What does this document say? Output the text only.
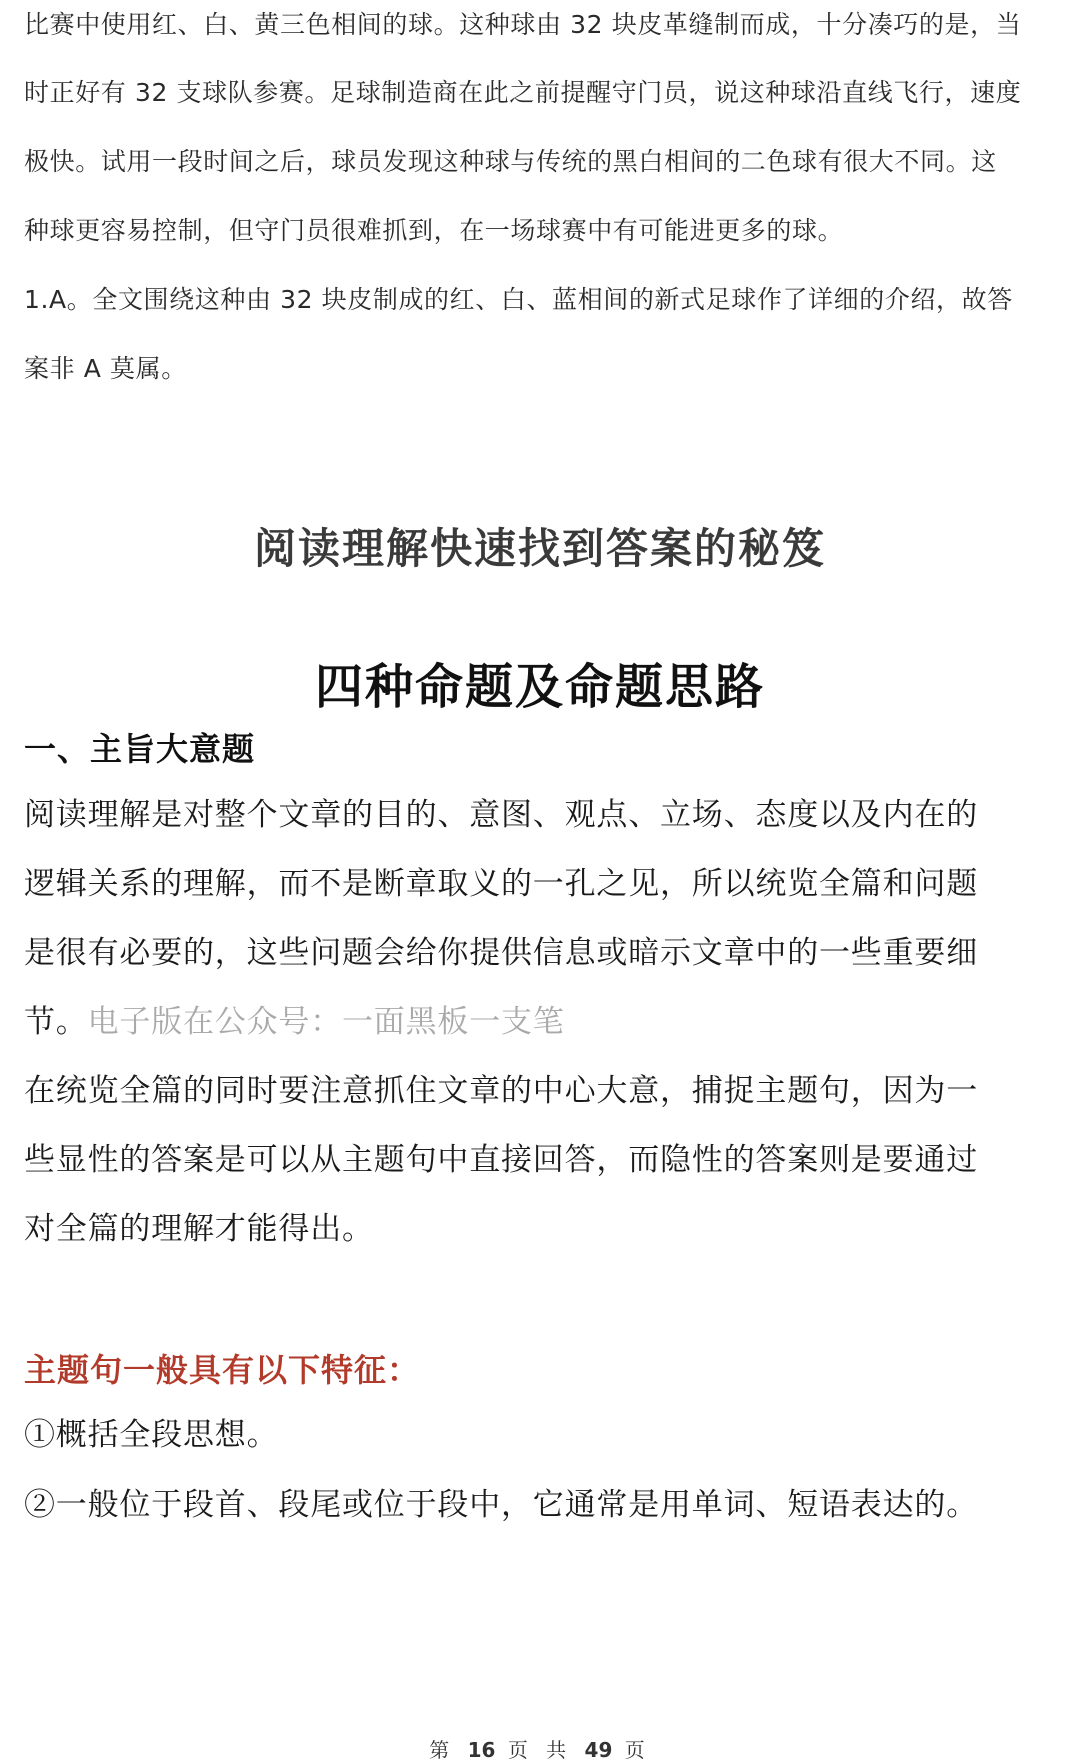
比赛中使用红、白、黄三色相间的球。这种球由 32 块皮革缝制而成，十分凑巧的是，当
时正好有 32 支球队参赛。足球制造商在此之前提醒守门员，说这种球沿直线飞行，速度
极快。试用一段时间之后，球员发现这种球与传统的黑白相间的二色球有很大不同。这
种球更容易控制，但守门员很难抓到，在一场球赛中有可能进更多的球。
1.A。全文围绕这种由 32 块皮制成的红、白、蓝相间的新式足球作了详细的介绍，故答
案非 A 莫属。
阅读理解快速找到答案的秘笈
四种命题及命题思路
一、主旨大意题
阅读理解是对整个文章的目的、意图、观点、立场、态度以及内在的
逻辑关系的理解，而不是断章取义的一孔之见，所以统览全篇和问题
是很有必要的，这些问题会给你提供信息或暗示文章中的一些重要细
节。电子版在公众号：一面黑板一支笔
在统览全篇的同时要注意抓住文章的中心大意，捕捉主题句，因为一
些显性的答案是可以从主题句中直接回答，而隐性的答案则是要通过
对全篇的理解才能得出。
主题句一般具有以下特征：
①概括全段思想。
②一般位于段首、段尾或位于段中，它通常是用单词、短语表达的。
第 16 页 共 49 页
